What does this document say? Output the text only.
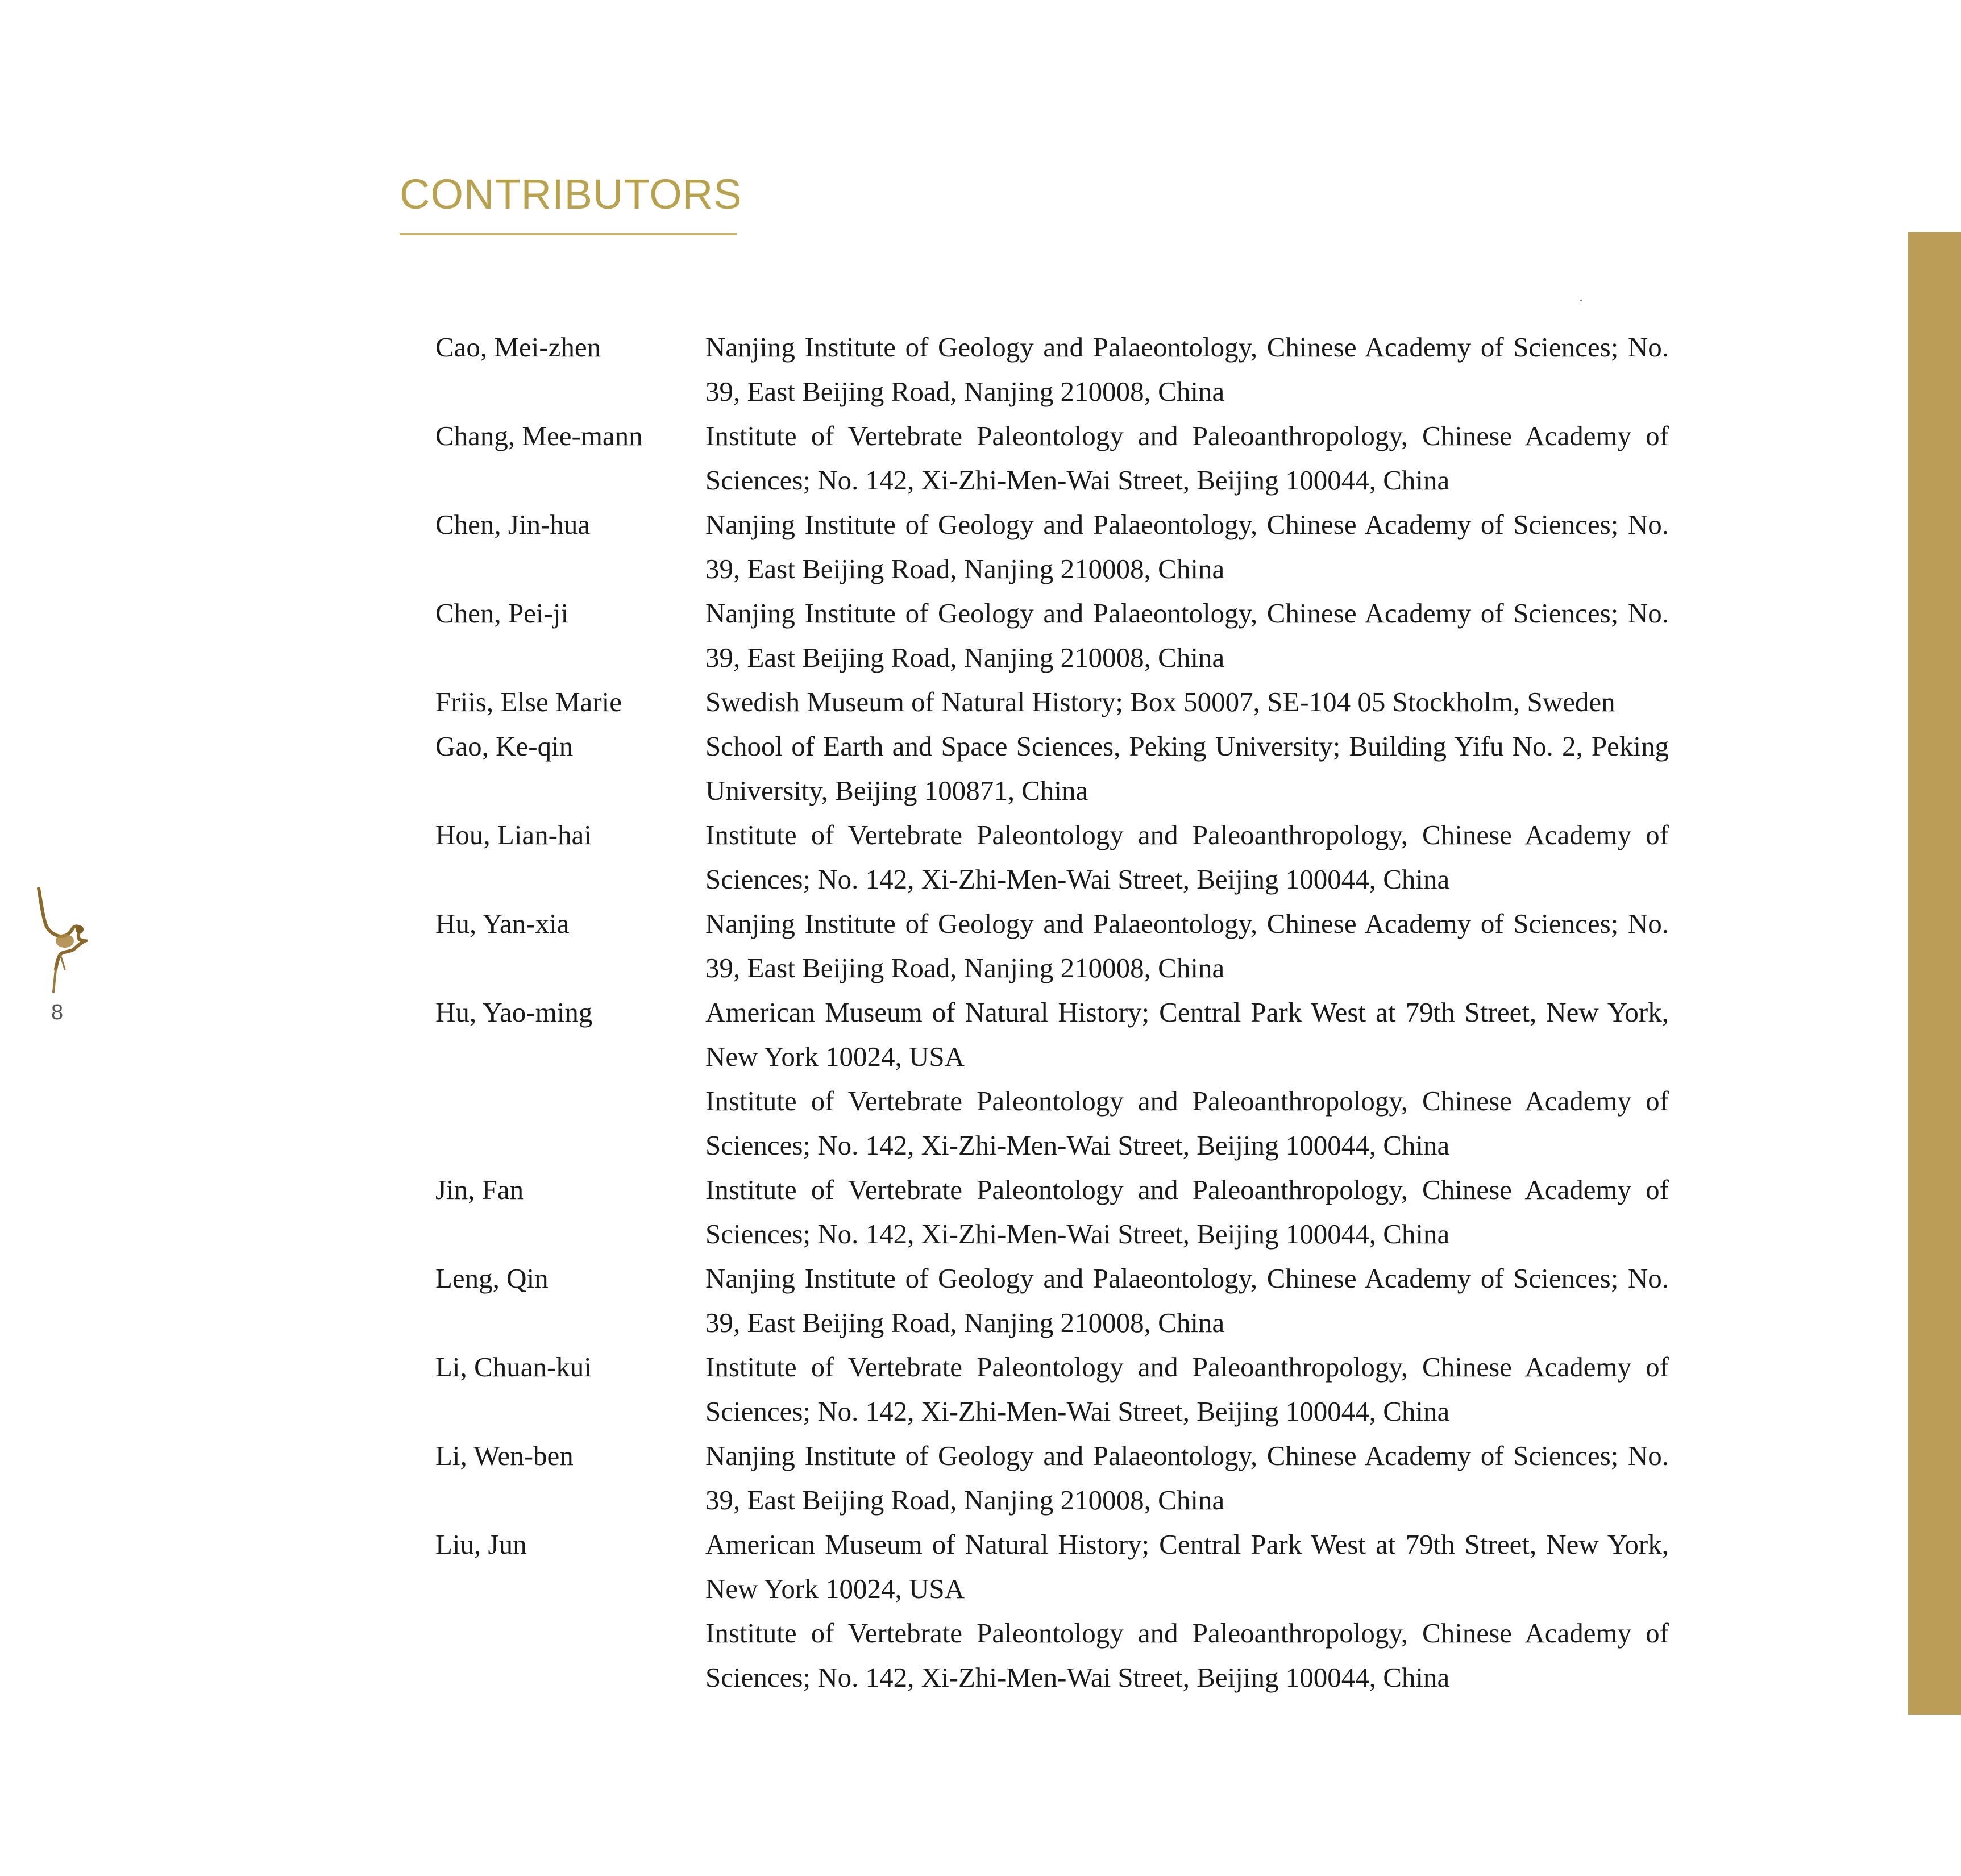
CONTRIBUTORS
8
Cao, Mei-zhen	Nanjing Institute of Geology and Palaeontology, Chinese Academy of Sciences; No.
39, East Beijing Road, Nanjing 210008, China
Chang, Mee-mann	Institute of Vertebrate Paleontology and Paleoanthropology, Chinese Academy of
Sciences; No. 142, Xi-Zhi-Men-Wai Street, Beijing 100044, China
Chen, Jin-hua	Nanjing Institute of Geology and Palaeontology, Chinese Academy of Sciences; No.
39, East Beijing Road, Nanjing 210008, China
Chen, Pei-ji	Nanjing Institute of Geology and Palaeontology, Chinese Academy of Sciences; No.
39, East Beijing Road, Nanjing 210008, China
Friis, Else Marie	Swedish Museum of Natural History; Box 50007, SE-104 05 Stockholm, Sweden
Gao, Ke-qin	School of Earth and Space Sciences, Peking University; Building Yifu No. 2, Peking
University, Beijing 100871, China
Hou, Lian-hai	Institute of Vertebrate Paleontology and Paleoanthropology, Chinese Academy of
Sciences; No. 142, Xi-Zhi-Men-Wai Street, Beijing 100044, China
Hu, Yan-xia	Nanjing Institute of Geology and Palaeontology, Chinese Academy of Sciences; No.
39, East Beijing Road, Nanjing 210008, China
Hu, Yao-ming	American Museum of Natural History; Central Park West at 79th Street, New York,
New York 10024, USA
Institute of Vertebrate Paleontology and Paleoanthropology, Chinese Academy of
Sciences; No. 142, Xi-Zhi-Men-Wai Street, Beijing 100044, China
Jin, Fan	Institute of Vertebrate Paleontology and Paleoanthropology, Chinese Academy of
Sciences; No. 142, Xi-Zhi-Men-Wai Street, Beijing 100044, China
Leng, Qin	Nanjing Institute of Geology and Palaeontology, Chinese Academy of Sciences; No.
39, East Beijing Road, Nanjing 210008, China
Li, Chuan-kui	Institute of Vertebrate Paleontology and Paleoanthropology, Chinese Academy of
Sciences; No. 142, Xi-Zhi-Men-Wai Street, Beijing 100044, China
Li, Wen-ben	Nanjing Institute of Geology and Palaeontology, Chinese Academy of Sciences; No.
39, East Beijing Road, Nanjing 210008, China
Liu, Jun	American Museum of Natural History; Central Park West at 79th Street, New York,
New York 10024, USA
Institute of Vertebrate Paleontology and Paleoanthropology, Chinese Academy of
Sciences; No. 142, Xi-Zhi-Men-Wai Street, Beijing 100044, China
